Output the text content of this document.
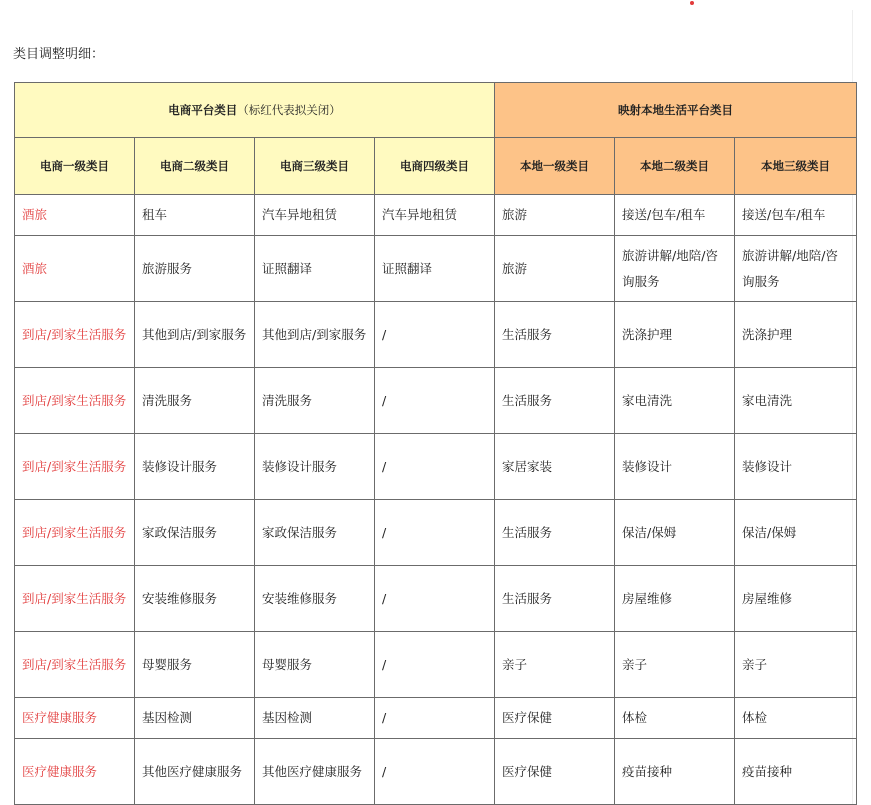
类目调整明细：
电商平台类目（标红代表拟关闭）				映射本地生活平台类目		
电商一级类目	电商二级类目	电商三级类目	电商四级类目	本地一级类目	本地二级类目	本地三级类目
酒旅	租车	汽车异地租赁	汽车异地租赁	旅游	接送/包车/租车	接送/包车/租车
酒旅	旅游服务	证照翻译	证照翻译	旅游	旅游讲解/地陪/咨询服务	旅游讲解/地陪/咨询服务
到店/到家生活服务	其他到店/到家服务	其他到店/到家服务	/	生活服务	洗涤护理	洗涤护理
到店/到家生活服务	清洗服务	清洗服务	/	生活服务	家电清洗	家电清洗
到店/到家生活服务	装修设计服务	装修设计服务	/	家居家装	装修设计	装修设计
到店/到家生活服务	家政保洁服务	家政保洁服务	/	生活服务	保洁/保姆	保洁/保姆
到店/到家生活服务	安装维修服务	安装维修服务	/	生活服务	房屋维修	房屋维修
到店/到家生活服务	母婴服务	母婴服务	/	亲子	亲子	亲子
医疗健康服务	基因检测	基因检测	/	医疗保健	体检	体检
医疗健康服务	其他医疗健康服务	其他医疗健康服务	/	医疗保健	疫苗接种	疫苗接种
